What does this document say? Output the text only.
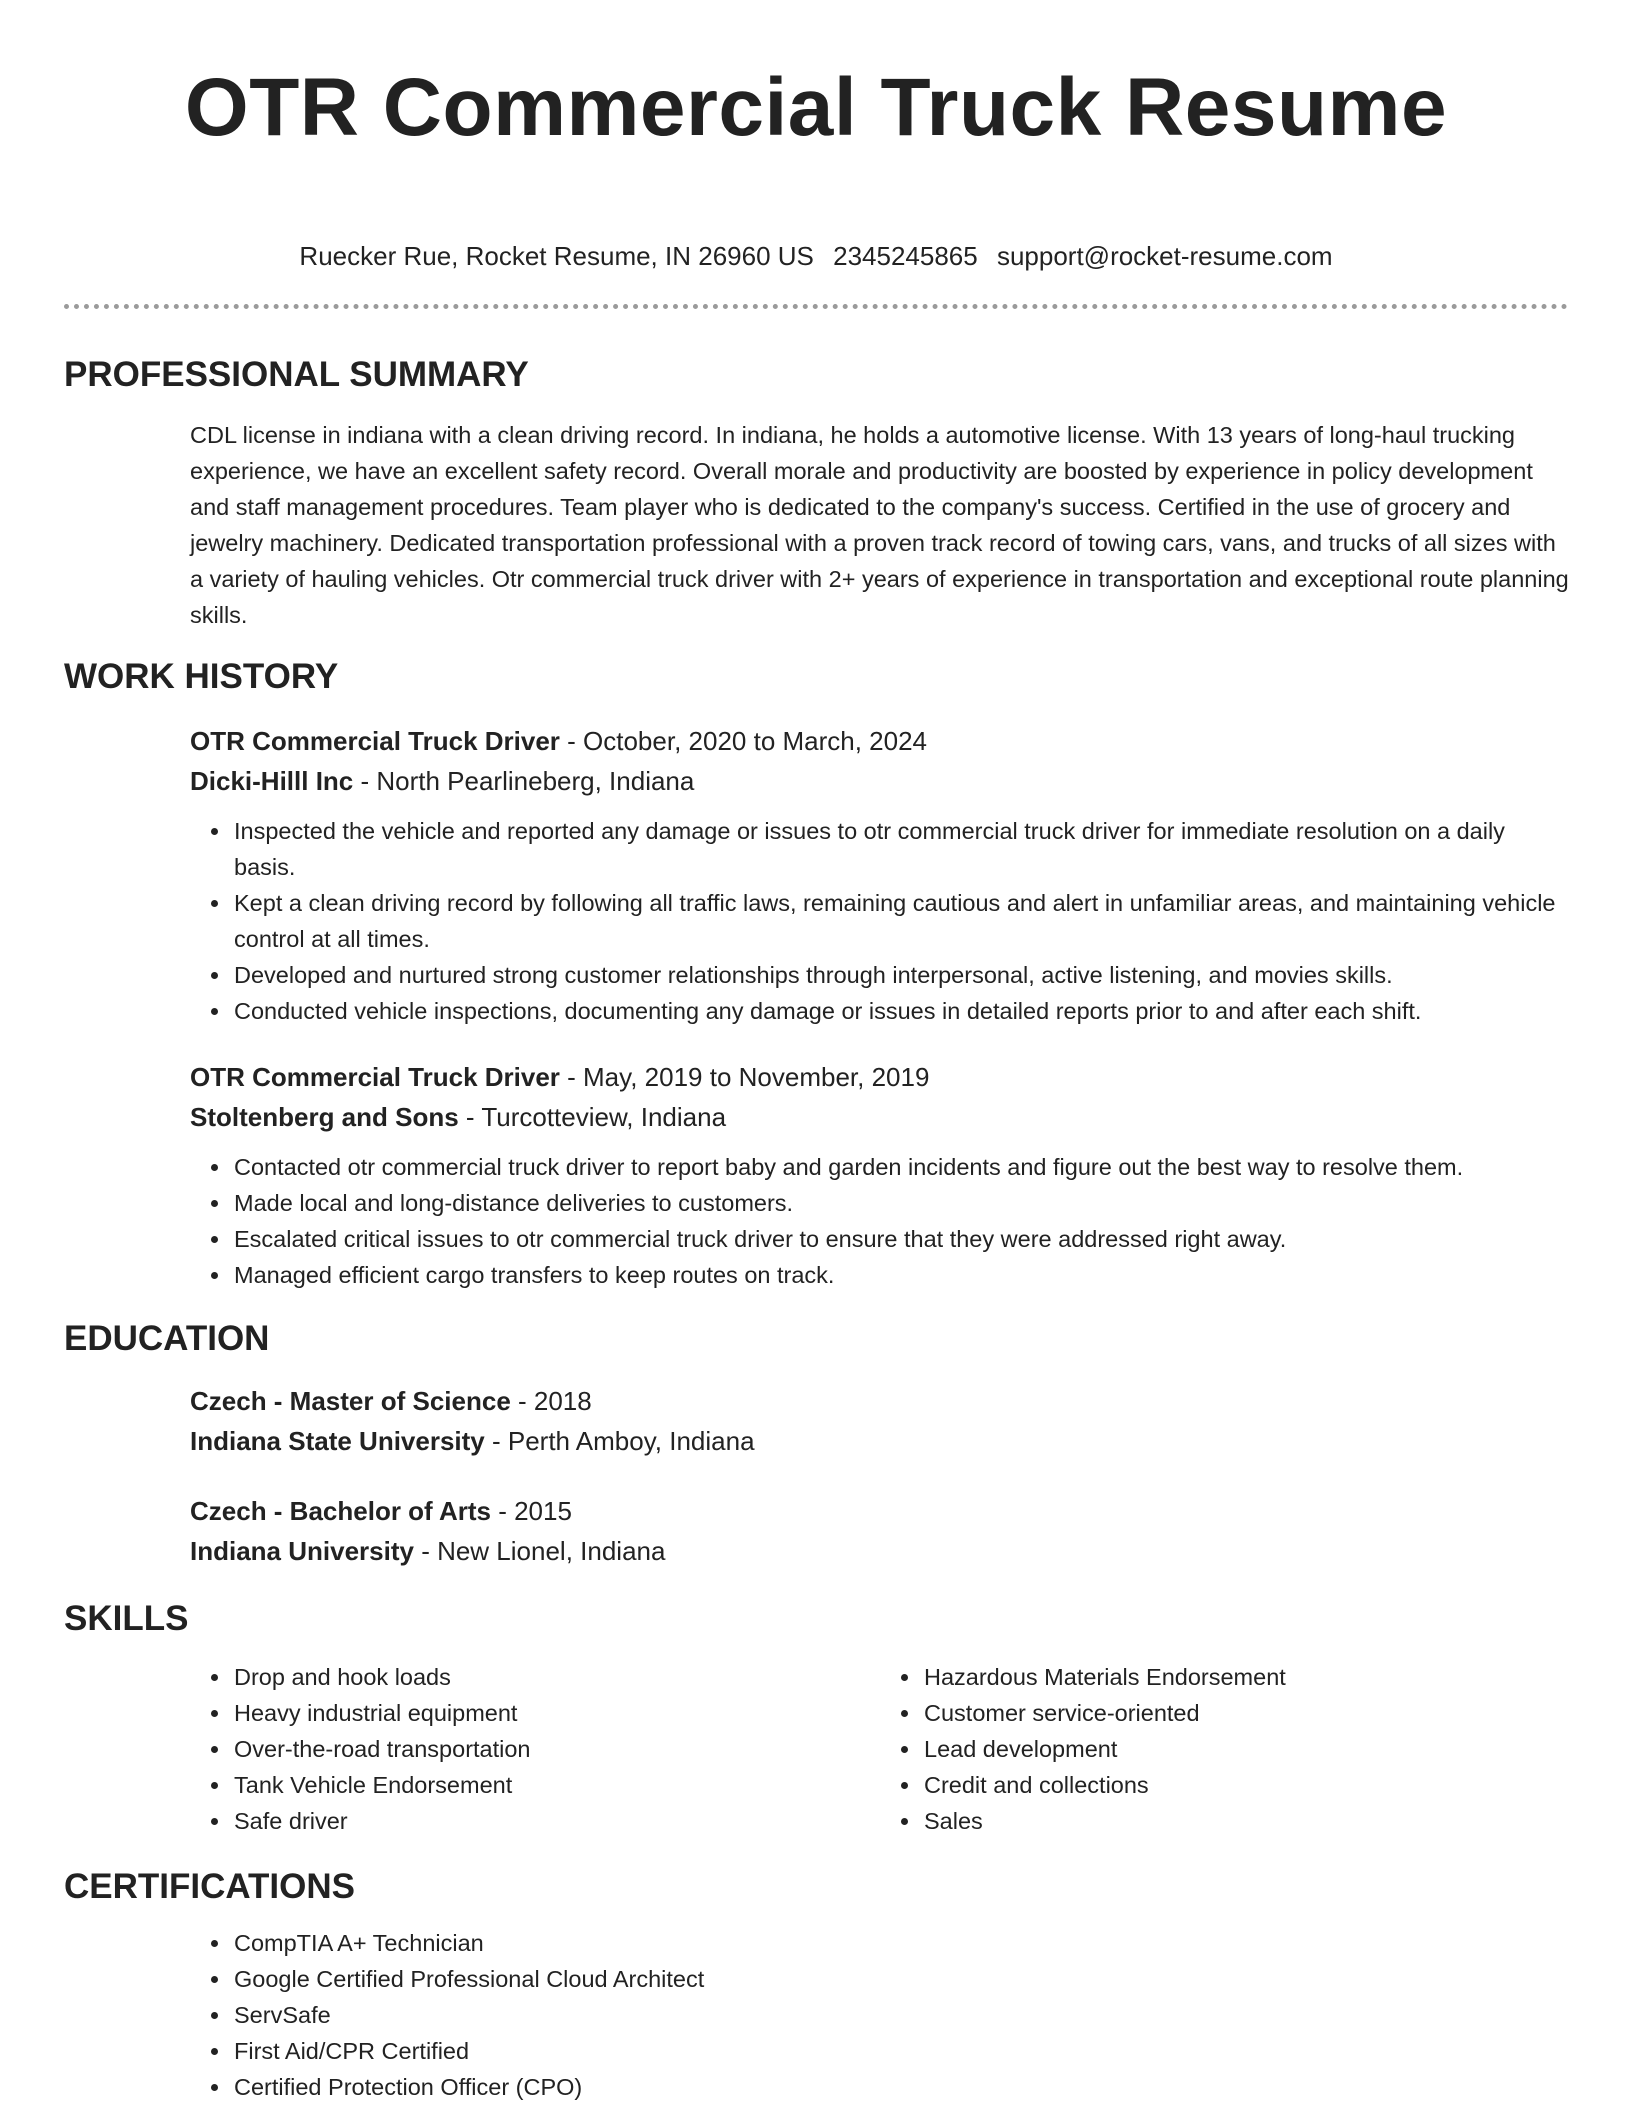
OTR Commercial Truck Resume
Ruecker Rue, Rocket Resume, IN 26960 US 2345245865 support@rocket-resume.com
PROFESSIONAL SUMMARY

CDL license in indiana with a clean driving record. In indiana, he holds a automotive license. With 13 years of long-haul trucking experience, we have an excellent safety record. Overall morale and productivity are boosted by experience in policy development and staff management procedures. Team player who is dedicated to the company's success. Certified in the use of grocery and jewelry machinery. Dedicated transportation professional with a proven track record of towing cars, vans, and trucks of all sizes with a variety of hauling vehicles. Otr commercial truck driver with 2+ years of experience in transportation and exceptional route planning skills.

WORK HISTORY
OTR Commercial Truck Driver - October, 2020 to March, 2024
Dicki-Hilll Inc - North Pearlineberg, Indiana
• Inspected the vehicle and reported any damage or issues to otr commercial truck driver for immediate resolution on a daily basis.
• Kept a clean driving record by following all traffic laws, remaining cautious and alert in unfamiliar areas, and maintaining vehicle control at all times.
• Developed and nurtured strong customer relationships through interpersonal, active listening, and movies skills.
• Conducted vehicle inspections, documenting any damage or issues in detailed reports prior to and after each shift.
OTR Commercial Truck Driver - May, 2019 to November, 2019
Stoltenberg and Sons - Turcotteview, Indiana
• Contacted otr commercial truck driver to report baby and garden incidents and figure out the best way to resolve them.
• Made local and long-distance deliveries to customers.
• Escalated critical issues to otr commercial truck driver to ensure that they were addressed right away.
• Managed efficient cargo transfers to keep routes on track.
EDUCATION
Czech - Master of Science - 2018
Indiana State University - Perth Amboy, Indiana
Czech - Bachelor of Arts - 2015
Indiana University - New Lionel, Indiana
SKILLS
• Drop and hook loads
• Heavy industrial equipment
• Over-the-road transportation
• Tank Vehicle Endorsement
• Safe driver
• Hazardous Materials Endorsement
• Customer service-oriented
• Lead development
• Credit and collections
• Sales
CERTIFICATIONS
• CompTIA A+ Technician
• Google Certified Professional Cloud Architect
• ServSafe
• First Aid/CPR Certified
• Certified Protection Officer (CPO)
